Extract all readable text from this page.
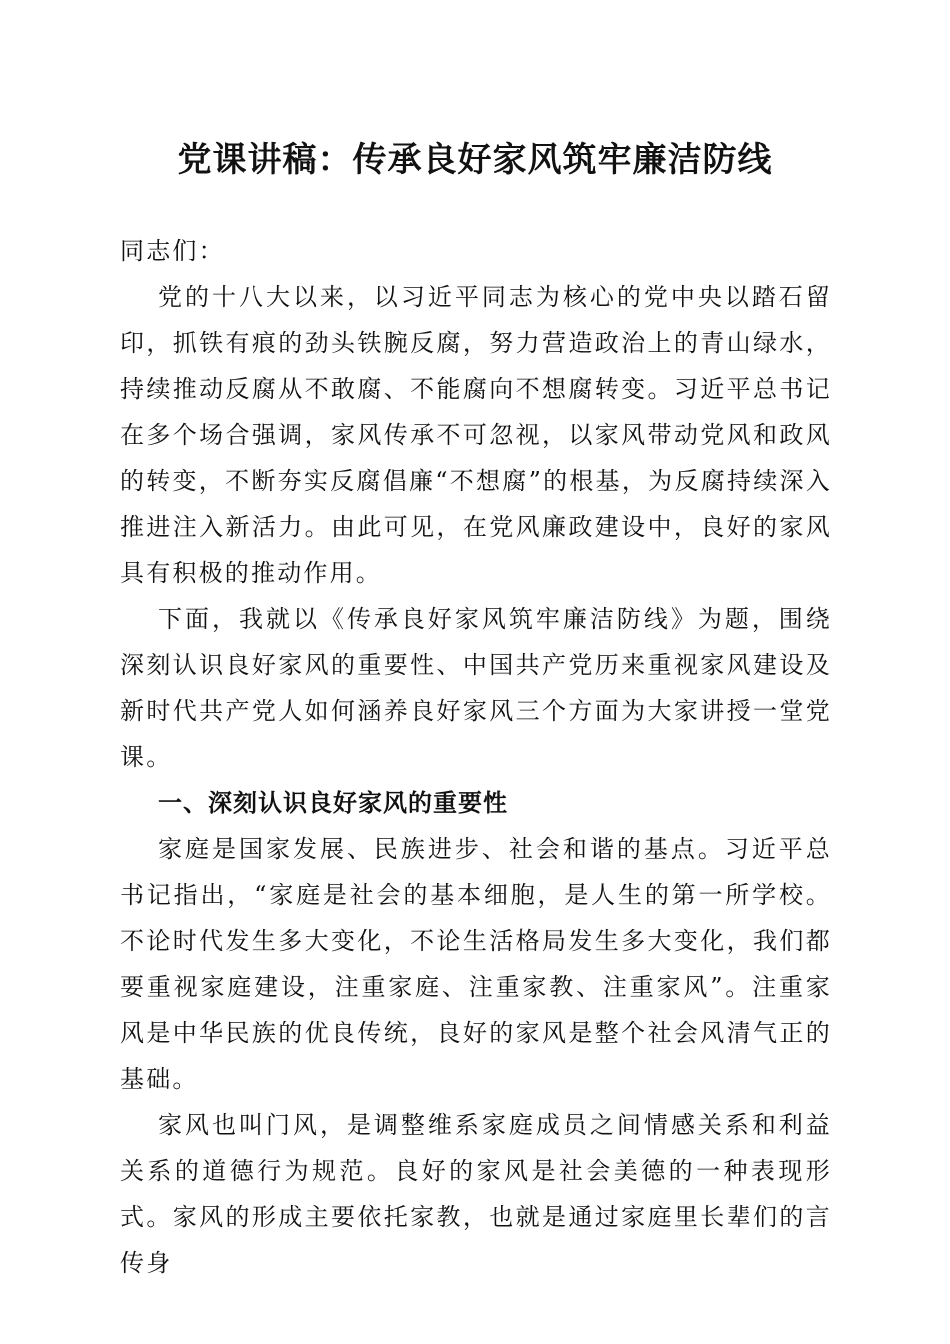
党课讲稿：传承良好家风筑牢廉洁防线

同志们：

党的十八大以来，以习近平同志为核心的党中央以踏石留印，抓铁有痕的劲头铁腕反腐，努力营造政治上的青山绿水，持续推动反腐从不敢腐、不能腐向不想腐转变。习近平总书记在多个场合强调，家风传承不可忽视，以家风带动党风和政风的转变，不断夯实反腐倡廉“不想腐”的根基，为反腐持续深入推进注入新活力。由此可见，在党风廉政建设中，良好的家风具有积极的推动作用。

下面，我就以《传承良好家风筑牢廉洁防线》为题，围绕深刻认识良好家风的重要性、中国共产党历来重视家风建设及新时代共产党人如何涵养良好家风三个方面为大家讲授一堂党课。

一、深刻认识良好家风的重要性

家庭是国家发展、民族进步、社会和谐的基点。习近平总书记指出，“家庭是社会的基本细胞，是人生的第一所学校。不论时代发生多大变化，不论生活格局发生多大变化，我们都要重视家庭建设，注重家庭、注重家教、注重家风”。注重家风是中华民族的优良传统，良好的家风是整个社会风清气正的基础。

家风也叫门风，是调整维系家庭成员之间情感关系和利益关系的道德行为规范。良好的家风是社会美德的一种表现形式。家风的形成主要依托家教，也就是通过家庭里长辈们的言传身
